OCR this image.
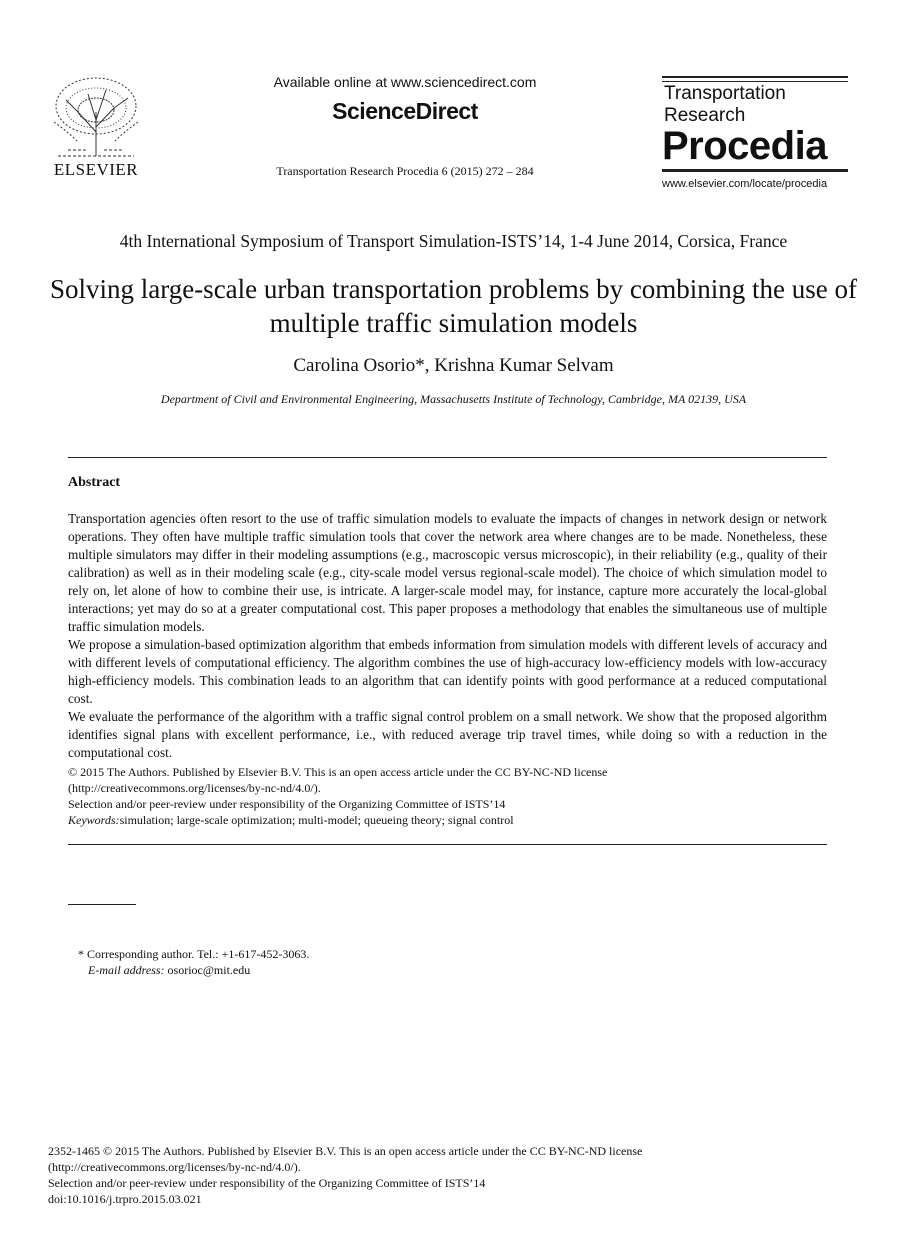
ELSEVIER
Available online at www.sciencedirect.com
ScienceDirect
Transportation Research Procedia 6 (2015) 272 – 284
Transportation
Research
Procedia
www.elsevier.com/locate/procedia
4th International Symposium of Transport Simulation-ISTS’14, 1-4 June 2014, Corsica, France
Solving large-scale urban transportation problems by combining the use of multiple traffic simulation models
Carolina Osorio*, Krishna Kumar Selvam
Department of Civil and Environmental Engineering, Massachusetts Institute of Technology, Cambridge, MA 02139, USA
Abstract

Transportation agencies often resort to the use of traffic simulation models to evaluate the impacts of changes in network design or network operations. They often have multiple traffic simulation tools that cover the network area where changes are to be made. Nonetheless, these multiple simulators may differ in their modeling assumptions (e.g., macroscopic versus microscopic), in their reliability (e.g., quality of their calibration) as well as in their modeling scale (e.g., city-scale model versus regional-scale model). The choice of which simulation model to rely on, let alone of how to combine their use, is intricate. A larger-scale model may, for instance, capture more accurately the local-global interactions; yet may do so at a greater computational cost. This paper proposes a methodology that enables the simultaneous use of multiple traffic simulation models.

We propose a simulation-based optimization algorithm that embeds information from simulation models with different levels of accuracy and with different levels of computational efficiency. The algorithm combines the use of high-accuracy low-efficiency models with low-accuracy high-efficiency models. This combination leads to an algorithm that can identify points with good performance at a reduced computational cost.

We evaluate the performance of the algorithm with a traffic signal control problem on a small network. We show that the proposed algorithm identifies signal plans with excellent performance, i.e., with reduced average trip travel times, while doing so with a reduction in the computational cost.

© 2015 The Authors. Published by Elsevier B.V. This is an open access article under the CC BY-NC-ND license

(http://creativecommons.org/licenses/by-nc-nd/4.0/).

Selection and/or peer-review under responsibility of the Organizing Committee of ISTS’14

Keywords:simulation; large-scale optimization; multi-model; queueing theory; signal control

* Corresponding author. Tel.: +1-617-452-3063.
E-mail address: osorioc@mit.edu
2352-1465 © 2015 The Authors. Published by Elsevier B.V. This is an open access article under the CC BY-NC-ND license
(http://creativecommons.org/licenses/by-nc-nd/4.0/).
Selection and/or peer-review under responsibility of the Organizing Committee of ISTS’14
doi:10.1016/j.trpro.2015.03.021
